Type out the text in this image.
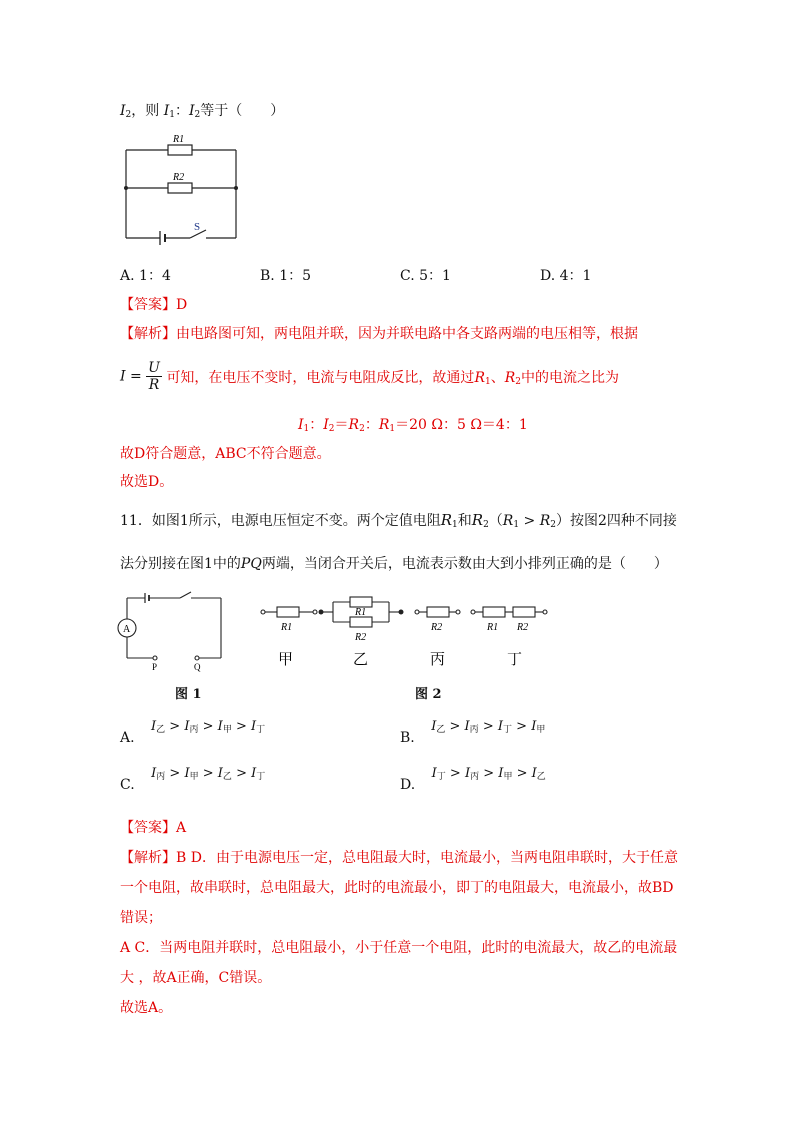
$I_2$，则 $I_1$：$I_2$等于（　　）
R1
R2
S
A. 1：4	B. 1：5	C. 5：1	D. 4：1
【答案】D
【解析】由电路图可知，两电阻并联，因为并联电路中各支路两端的电压相等，根据
$I = \frac{U}{R}$ 可知，在电压不变时，电流与电阻成反比，故通过$R_1$、$R_2$中的电流之比为
$I_1$：$I_2=R_2$：$R_1=20$ Ω：5 Ω＝4：1
故D符合题意，ABC不符合题意。
故选D。
11．如图1所示，电源电压恒定不变。两个定值电阻$R_1$和$R_2(R_1 > R_2)$按图2四种不同接
法分别接在图1中的PQ两端，当闭合开关后，电流表示数由大到小排列正确的是（　　）
A
P	Q
图 1
R1
R1
R2
R2	R1 R2
甲	乙	丙	丁
图 2
A. $I_乙 > I_丙 > I_甲 > I_丁$	B. $I_乙 > I_丙 > I_丁 > I_甲$
C. $I_丙 > I_甲 > I_乙 > I_丁$	D. $I_丁 > I_丙 > I_甲 > I_乙$
【答案】A
【解析】B D．由于电源电压一定，总电阻最大时，电流最小，当两电阻串联时，大于任意
一个电阻，故串联时，总电阻最大，此时的电流最小，即丁的电阻最大，电流最小，故BD
错误；
A C．当两电阻并联时，总电阻最小，小于任意一个电阻，此时的电流最大，故乙的电流最
大 ，故A正确，C错误。
故选A。
